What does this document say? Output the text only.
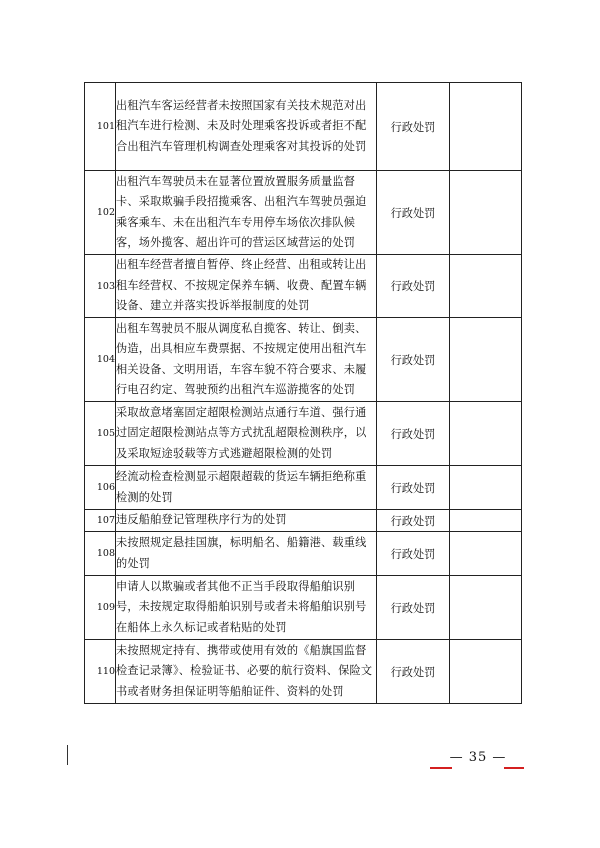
101	出租汽车客运经营者未按照国家有关技术规范对出租汽车进行检测、未及时处理乘客投诉或者拒不配合出租汽车管理机构调查处理乘客对其投诉的处罚	行政处罚	
102	出租汽车驾驶员未在显著位置放置服务质量监督卡、采取欺骗手段招揽乘客、出租汽车驾驶员强迫乘客乘车、未在出租汽车专用停车场依次排队候客，场外揽客、超出许可的营运区域营运的处罚	行政处罚	
103	出租车经营者擅自暂停、终止经营、出租或转让出租车经营权、不按规定保养车辆、收费、配置车辆设备、建立并落实投诉举报制度的处罚	行政处罚	
104	出租车驾驶员不服从调度私自揽客、转让、倒卖、伪造，出具相应车费票据、不按规定使用出租汽车相关设备、文明用语，车容车貌不符合要求、未履行电召约定、驾驶预约出租汽车巡游揽客的处罚	行政处罚	
105	采取故意堵塞固定超限检测站点通行车道、强行通过固定超限检测站点等方式扰乱超限检测秩序，以及采取短途驳载等方式逃避超限检测的处罚	行政处罚	
106	经流动检查检测显示超限超载的货运车辆拒绝称重检测的处罚	行政处罚	
107	违反船舶登记管理秩序行为的处罚	行政处罚	
108	未按照规定悬挂国旗，标明船名、船籍港、载重线的处罚	行政处罚	
109	申请人以欺骗或者其他不正当手段取得船舶识别号，未按规定取得船舶识别号或者未将船舶识别号在船体上永久标记或者粘贴的处罚	行政处罚	
110	未按照规定持有、携带或使用有效的《船旗国监督检查记录簿》、检验证书、必要的航行资料、保险文书或者财务担保证明等船舶证件、资料的处罚	行政处罚	
— 35 —
